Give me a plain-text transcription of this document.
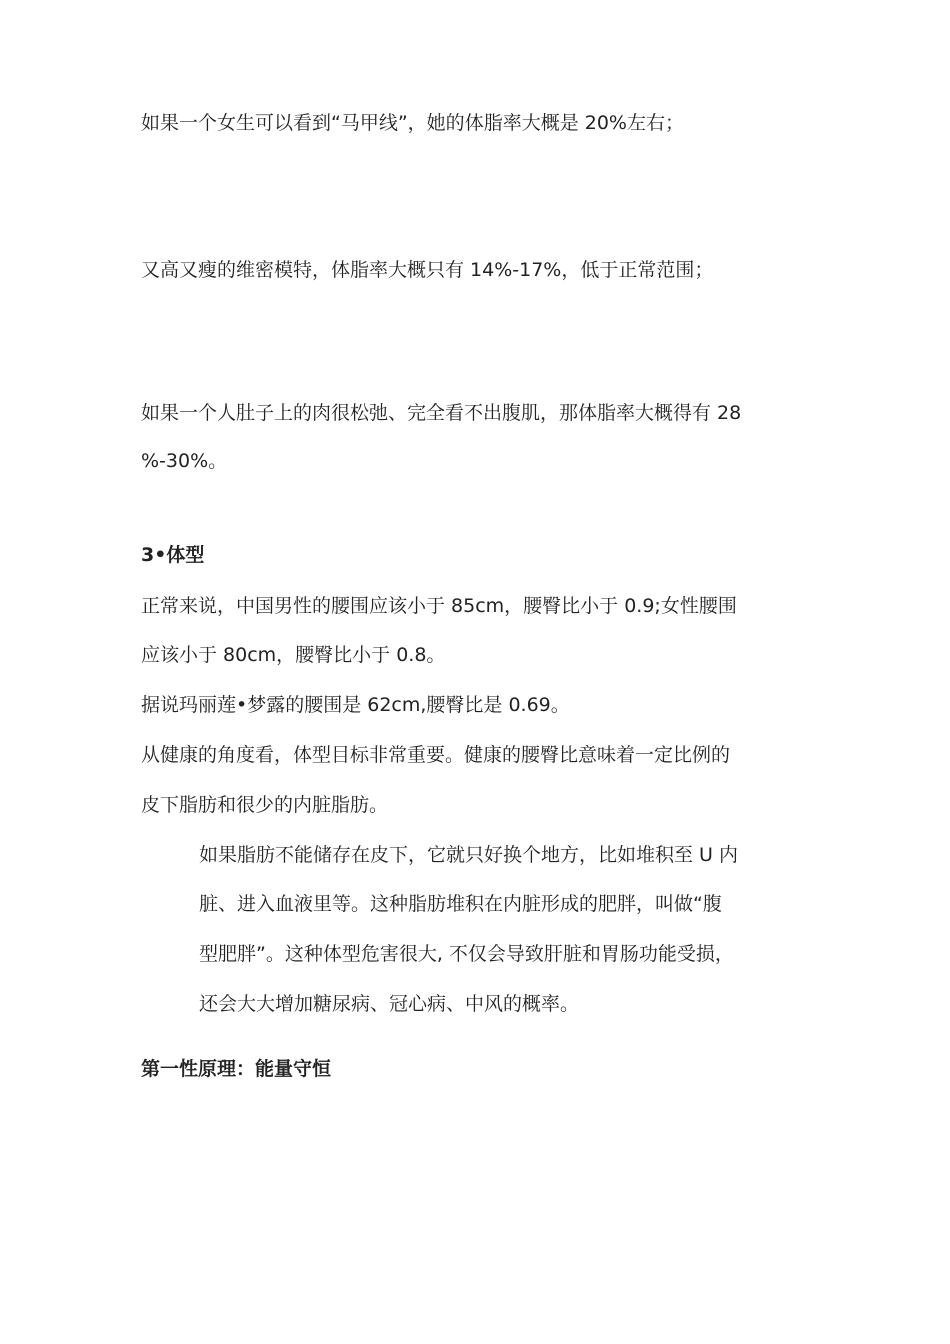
如果一个女生可以看到“马甲线”，她的体脂率大概是 20%左右；
又高又瘦的维密模特，体脂率大概只有 14%-17%，低于正常范围；
如果一个人肚子上的肉很松弛、完全看不出腹肌，那体脂率大概得有 28
%-30%。
3•体型
正常来说，中国男性的腰围应该小于 85cm，腰臀比小于 0.9;女性腰围
应该小于 80cm，腰臀比小于 0.8。
据说玛丽莲•梦露的腰围是 62cm,腰臀比是 0.69。
从健康的角度看，体型目标非常重要。健康的腰臀比意味着一定比例的
皮下脂肪和很少的内脏脂肪。
如果脂肪不能储存在皮下，它就只好换个地方，比如堆积至 U 内
脏、进入血液里等。这种脂肪堆积在内脏形成的肥胖，叫做“腹
型肥胖”。这种体型危害很大, 不仅会导致肝脏和胃肠功能受损，
还会大大增加糖尿病、冠心病、中风的概率。
第一性原理：能量守恒
